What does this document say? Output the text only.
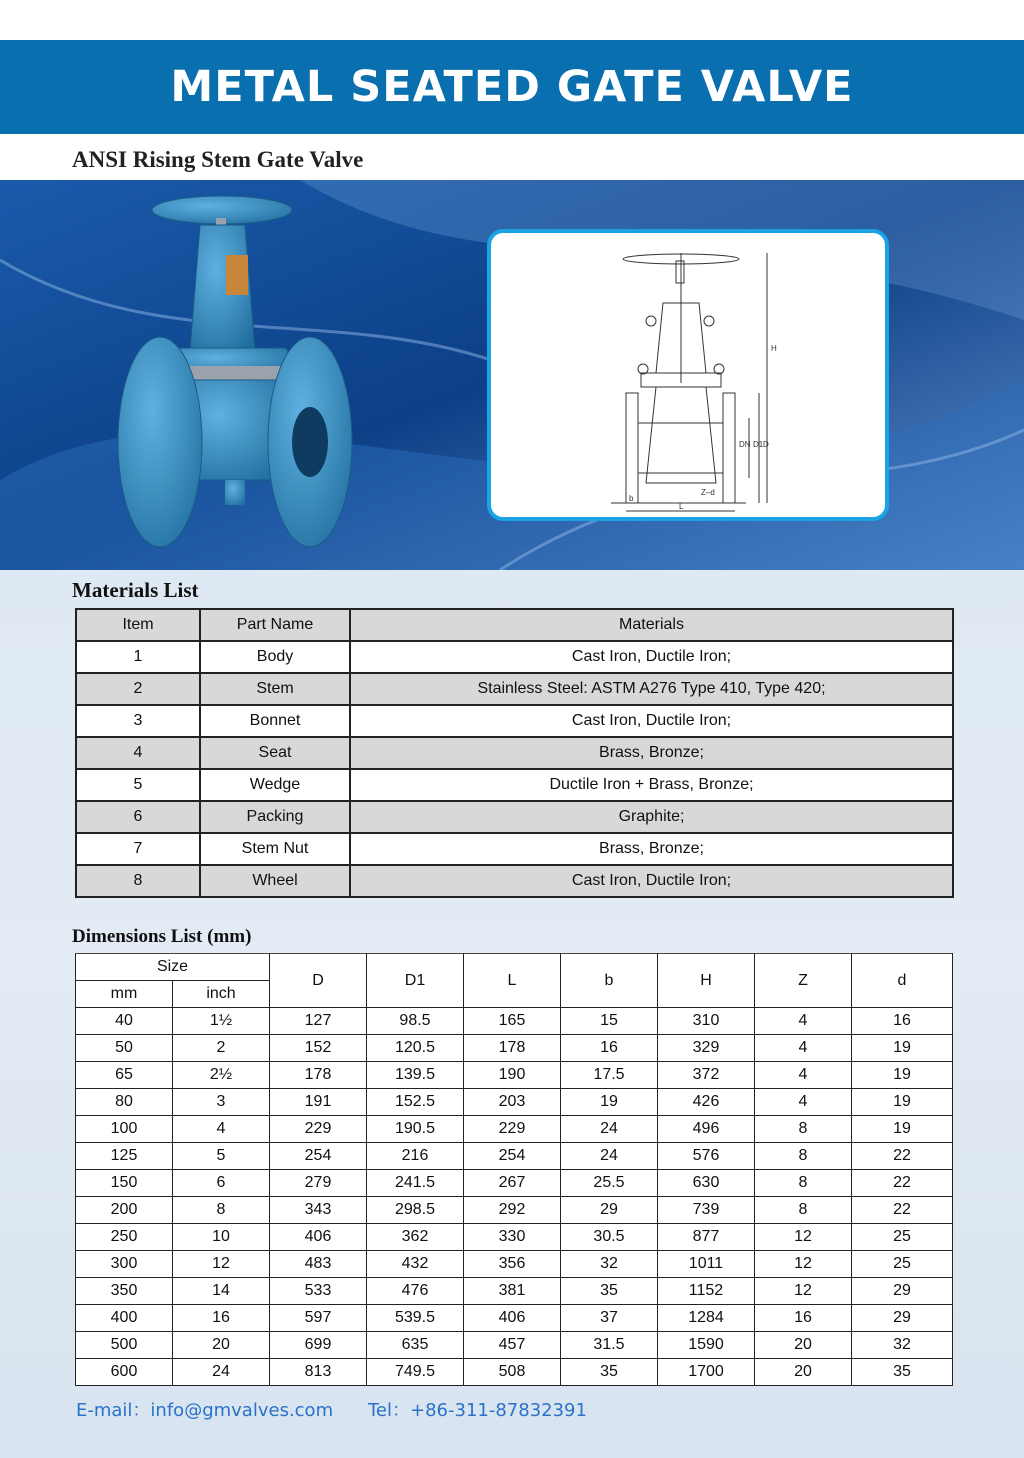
METAL SEATED GATE VALVE
ANSI Rising Stem Gate Valve
H
D
D1
DN
L
b
Z–d
Materials List
Item	Part Name	Materials
1	Body	Cast Iron, Ductile Iron;
2	Stem	Stainless Steel: ASTM A276 Type 410, Type 420;
3	Bonnet	Cast Iron, Ductile Iron;
4	Seat	Brass, Bronze;
5	Wedge	Ductile Iron + Brass, Bronze;
6	Packing	Graphite;
7	Stem Nut	Brass, Bronze;
8	Wheel	Cast Iron, Ductile Iron;
Dimensions List (mm)
Size		D	D1	L	b	H	Z	d
mm	inch							
40	1½	127	98.5	165	15	310	4	16
50	2	152	120.5	178	16	329	4	19
65	2½	178	139.5	190	17.5	372	4	19
80	3	191	152.5	203	19	426	4	19
100	4	229	190.5	229	24	496	8	19
125	5	254	216	254	24	576	8	22
150	6	279	241.5	267	25.5	630	8	22
200	8	343	298.5	292	29	739	8	22
250	10	406	362	330	30.5	877	12	25
300	12	483	432	356	32	1011	12	25
350	14	533	476	381	35	1152	12	29
400	16	597	539.5	406	37	1284	16	29
500	20	699	635	457	31.5	1590	20	32
600	24	813	749.5	508	35	1700	20	35
E-mail：info@gmvalves.com Tel：+86-311-87832391
